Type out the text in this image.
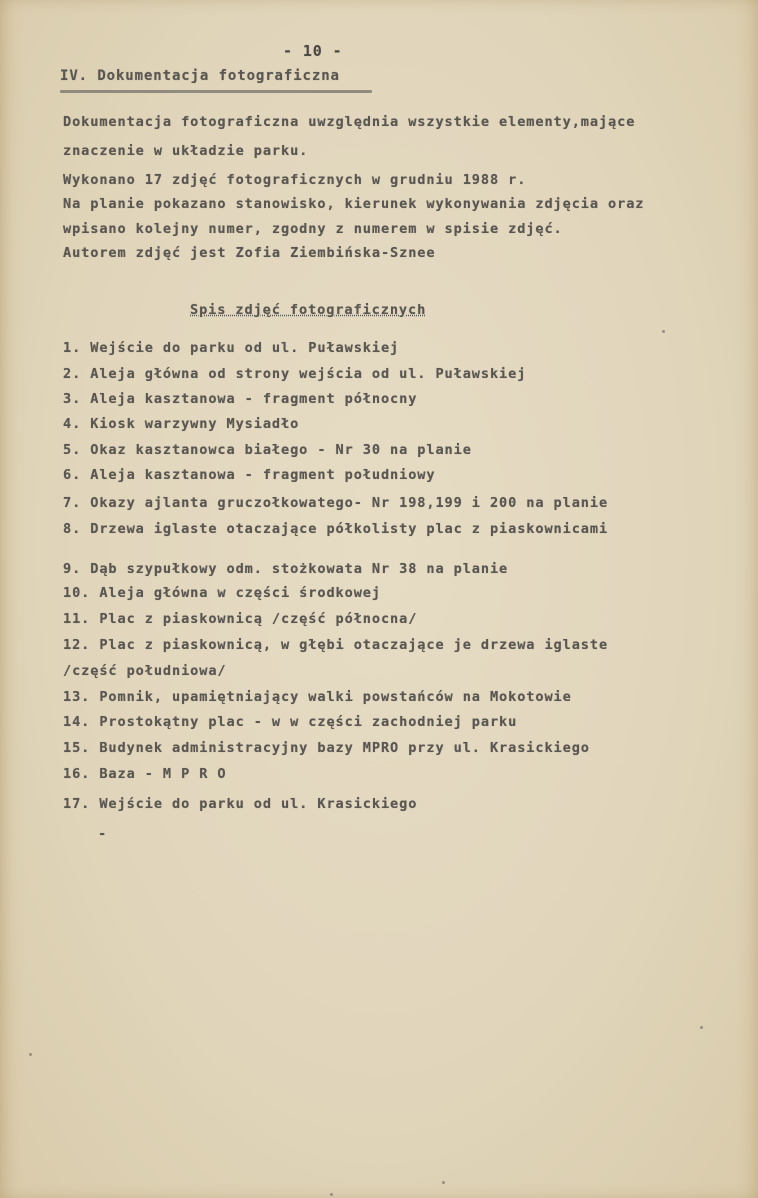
- 10 -
IV. Dokumentacja fotograficzna
Dokumentacja fotograficzna uwzględnia wszystkie elementy,mające
znaczenie w układzie parku.
Wykonano 17 zdjęć fotograficznych w grudniu 1988 r.
Na planie pokazano stanowisko, kierunek wykonywania zdjęcia oraz
wpisano kolejny numer, zgodny z numerem w spisie zdjęć.
Autorem zdjęć jest Zofia Ziembińska-Sznee
Spis zdjęć fotograficznych
1. Wejście do parku od ul. Puławskiej
2. Aleja główna od strony wejścia od ul. Puławskiej
3. Aleja kasztanowa - fragment północny
4. Kiosk warzywny Mysiadło
5. Okaz kasztanowca białego - Nr 30 na planie
6. Aleja kasztanowa - fragment południowy
7. Okazy ajlanta gruczołkowatego- Nr 198,199 i 200 na planie
8. Drzewa iglaste otaczające półkolisty plac z piaskownicami
9. Dąb szypułkowy odm. stożkowata Nr 38 na planie
10. Aleja główna w części środkowej
11. Plac z piaskownicą /część północna/
12. Plac z piaskownicą, w głębi otaczające je drzewa iglaste
/część południowa/
13. Pomnik, upamiętniający walki powstańców na Mokotowie
14. Prostokątny plac - w w części zachodniej parku
15. Budynek administracyjny bazy MPRO przy ul. Krasickiego
16. Baza - M P R O
17. Wejście do parku od ul. Krasickiego
-
